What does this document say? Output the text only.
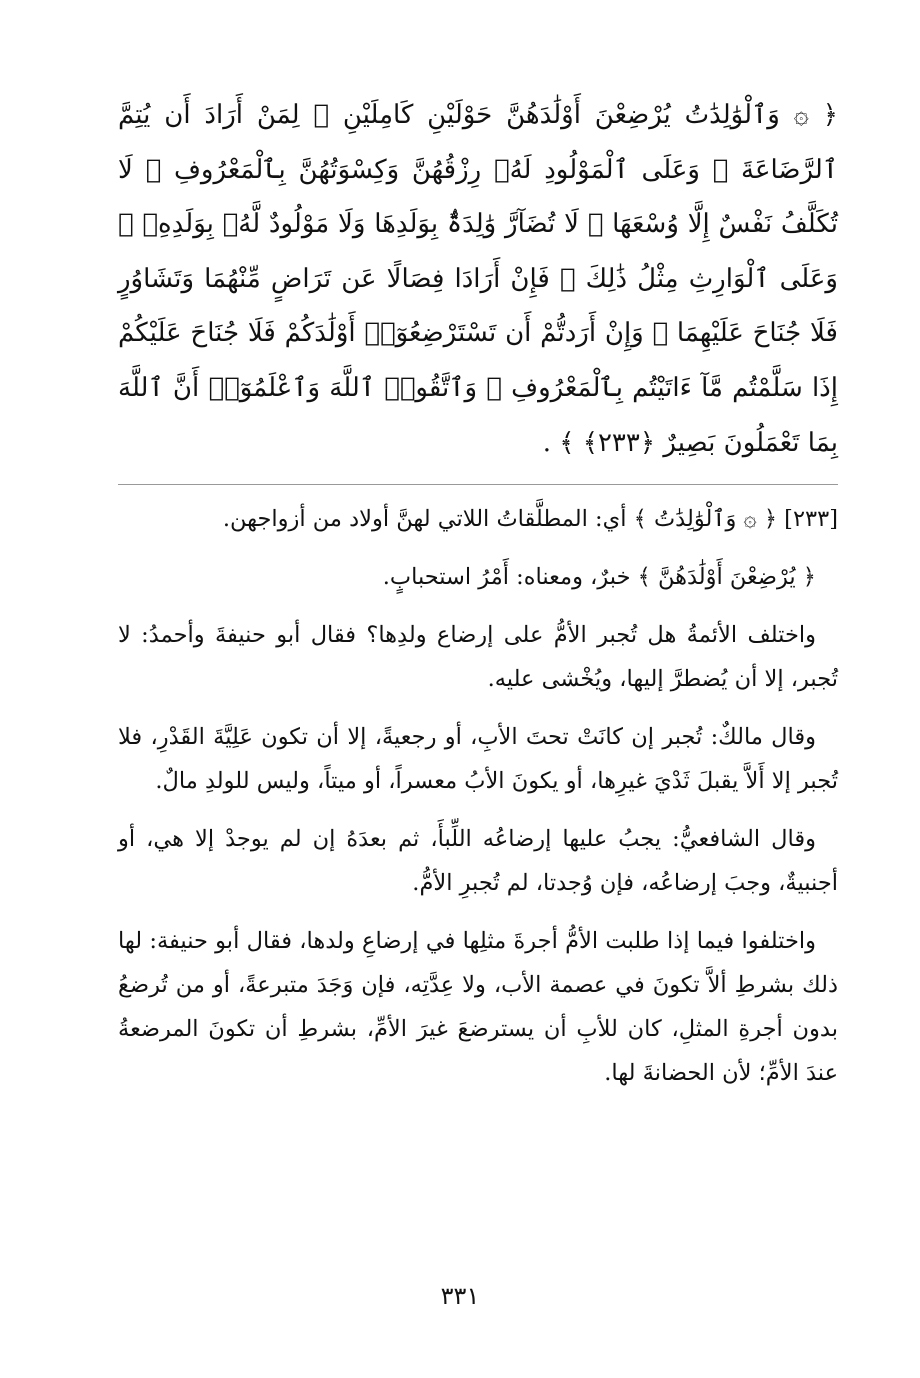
﴿ ۞ وَٱلْوَٰلِدَٰتُ يُرْضِعْنَ أَوْلَٰدَهُنَّ حَوْلَيْنِ كَامِلَيْنِ ۖ لِمَنْ أَرَادَ أَن يُتِمَّ ٱلرَّضَاعَةَ ۚ وَعَلَى ٱلْمَوْلُودِ لَهُۥ رِزْقُهُنَّ وَكِسْوَتُهُنَّ بِٱلْمَعْرُوفِ ۚ لَا تُكَلَّفُ نَفْسٌ إِلَّا وُسْعَهَا ۚ لَا تُضَآرَّ وَٰلِدَةٌۢ بِوَلَدِهَا وَلَا مَوْلُودٌ لَّهُۥ بِوَلَدِهِۦ ۚ وَعَلَى ٱلْوَارِثِ مِثْلُ ذَٰلِكَ ۗ فَإِنْ أَرَادَا فِصَالًا عَن تَرَاضٍ مِّنْهُمَا وَتَشَاوُرٍ فَلَا جُنَاحَ عَلَيْهِمَا ۗ وَإِنْ أَرَدتُّمْ أَن تَسْتَرْضِعُوٓا۟ أَوْلَٰدَكُمْ فَلَا جُنَاحَ عَلَيْكُمْ إِذَا سَلَّمْتُم مَّآ ءَاتَيْتُم بِٱلْمَعْرُوفِ ۗ وَٱتَّقُوا۟ ٱللَّهَ وَٱعْلَمُوٓا۟ أَنَّ ٱللَّهَ بِمَا تَعْمَلُونَ بَصِيرٌ ﴿٢٣٣﴾ ﴾ .

[٢٣٣] ﴿ ۞ وَٱلْوَٰلِدَٰتُ ﴾ أي: المطلَّقاتُ اللاتي لهنَّ أولاد من أزواجهن.

﴿ يُرْضِعْنَ أَوْلَٰدَهُنَّ ﴾ خبرٌ، ومعناه: أَمْرُ استحبابٍ.

واختلف الأئمةُ هل تُجبر الأمُّ على إرضاع ولدِها؟ فقال أبو حنيفةَ وأحمدُ: لا تُجبر، إلا أن يُضطرَّ إليها، ويُخْشى عليه.

وقال مالكٌ: تُجبر إن كانَتْ تحتَ الأبِ، أو رجعيةً، إلا أن تكون عَلِيَّةَ القَدْرِ، فلا تُجبر إلا أَلاَّ يقبلَ ثَدْيَ غيرِها، أو يكونَ الأبُ معسراً، أو ميتاً، وليس للولدِ مالٌ.

وقال الشافعيُّ: يجبُ عليها إرضاعُه اللِّبأَ، ثم بعدَهُ إن لم يوجدْ إلا هي، أو أجنبيةٌ، وجبَ إرضاعُه، فإن وُجدتا، لم تُجبرِ الأمُّ.

واختلفوا فيما إذا طلبت الأمُّ أجرةَ مثلِها في إرضاعِ ولدها، فقال أبو حنيفة: لها ذلك بشرطِ ألاَّ تكونَ في عصمة الأب، ولا عِدَّتِه، فإن وَجَدَ متبرعةً، أو من تُرضعُ بدون أجرةِ المثلِ، كان للأبِ أن يسترضعَ غيرَ الأمِّ، بشرطِ أن تكونَ المرضعةُ عندَ الأمِّ؛ لأن الحضانةَ لها.

٣٣١
